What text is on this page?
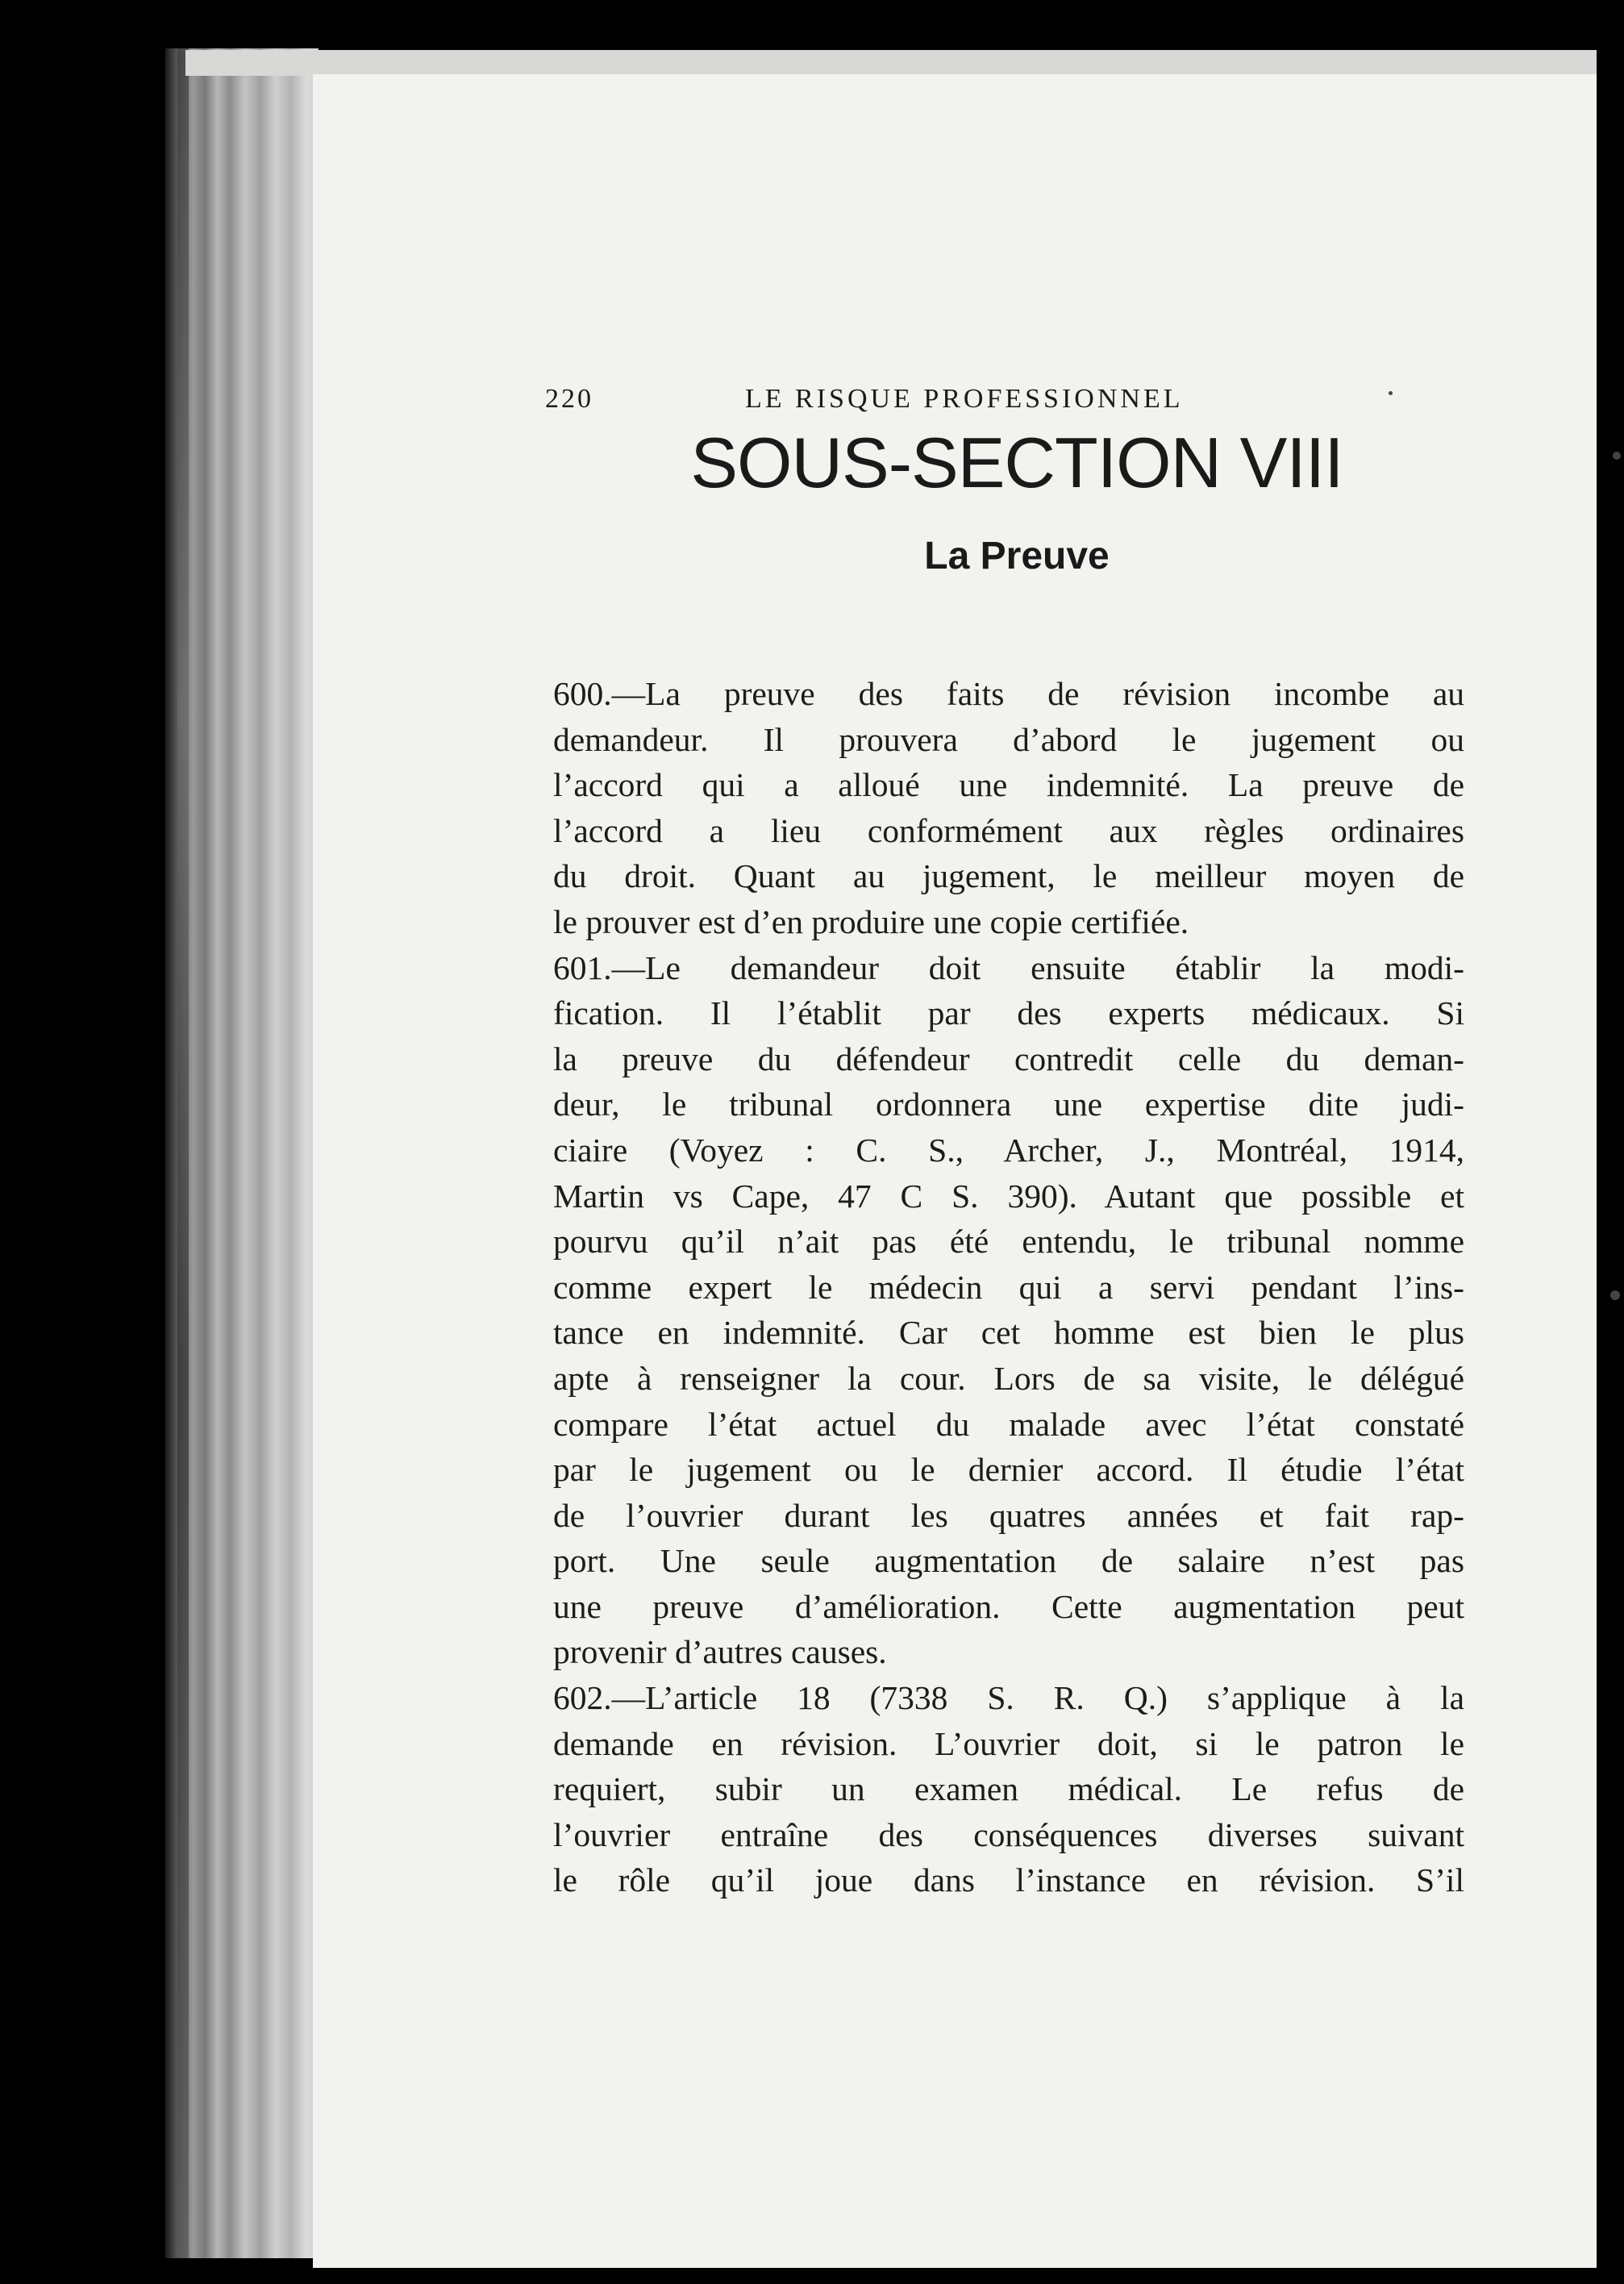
220	LE RISQUE PROFESSIONNEL
SOUS-SECTION VIII
La Preuve
600.—La preuve des faits de révision incombe au
demandeur. Il prouvera d’abord le jugement ou
l’accord qui a alloué une indemnité. La preuve de
l’accord a lieu conformément aux règles ordinaires
du droit. Quant au jugement, le meilleur moyen de
le prouver est d’en produire une copie certifiée.
601.—Le demandeur doit ensuite établir la modi-
fication. Il l’établit par des experts médicaux. Si
la preuve du défendeur contredit celle du deman-
deur, le tribunal ordonnera une expertise dite judi-
ciaire (Voyez : C. S., Archer, J., Montréal, 1914,
Martin vs Cape, 47 C S. 390). Autant que possible et
pourvu qu’il n’ait pas été entendu, le tribunal nomme
comme expert le médecin qui a servi pendant l’ins-
tance en indemnité. Car cet homme est bien le plus
apte à renseigner la cour. Lors de sa visite, le délégué
compare l’état actuel du malade avec l’état constaté
par le jugement ou le dernier accord. Il étudie l’état
de l’ouvrier durant les quatres années et fait rap-
port. Une seule augmentation de salaire n’est pas
une preuve d’amélioration. Cette augmentation peut
provenir d’autres causes.
602.—L’article 18 (7338 S. R. Q.) s’applique à la
demande en révision. L’ouvrier doit, si le patron le
requiert, subir un examen médical. Le refus de
l’ouvrier entraîne des conséquences diverses suivant
le rôle qu’il joue dans l’instance en révision. S’il
